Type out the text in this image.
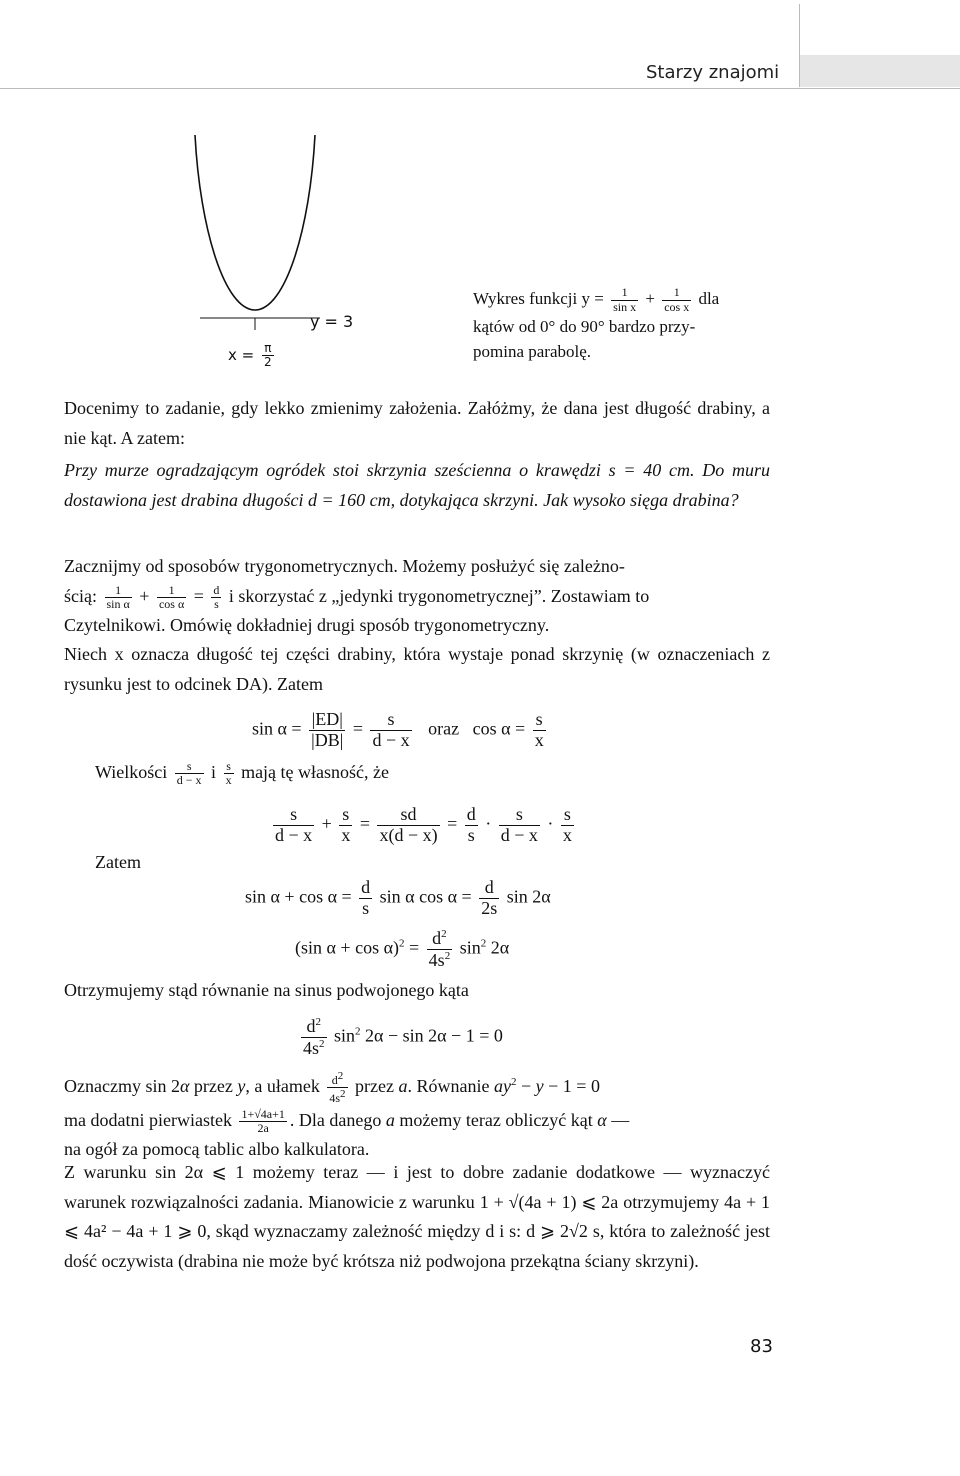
Starzy znajomi
y = 3
$x = \frac{\pi}{2}$
Wykres funkcji $y = \frac{1}{\text{sin x}} + \frac{1}{\text{cos x}}$ dla
kątów od 0° do 90° bardzo przy-
pomina parabolę.
Docenimy to zadanie, gdy lekko zmienimy założenia. Załóżmy, że dana jest długość drabiny, a nie kąt. A zatem:
Przy murze ogradzającym ogródek stoi skrzynia sześcienna o krawędzi s = 40 cm. Do muru dostawiona jest drabina długości d = 160 cm, dotykająca skrzyni. Jak wysoko sięga drabina?
Zacznijmy od sposobów trygonometrycznych. Możemy posłużyć się zależno-
ścią: $\frac{1}{\text{sin α}} + \frac{1}{\text{cos α}} = \frac{d}{s}$ i skorzystać z „jedynki trygonometrycznej”. Zostawiam to
Czytelnikowi. Omówię dokładniej drugi sposób trygonometryczny.
Niech x oznacza długość tej części drabiny, która wystaje ponad skrzynię (w oznaczeniach z rysunku jest to odcinek DA). Zatem
$\sin \alpha = \frac{|ED|}{|DB|} = \frac{s}{d - x}$ oraz $\cos \alpha = \frac{s}{x}$
Wielkości $\frac{s}{d - x}$ i $\frac{s}{x}$ mają tę własność, że
$\frac{s}{d - x} + \frac{s}{x} = \frac{sd}{x(d - x)} = \frac{d}{s} \cdot \frac{s}{d - x} \cdot \frac{s}{x}$
Zatem
$\sin \alpha + \cos \alpha = \frac{d}{s}$ sin α $\cos \alpha = \frac{d}{2s}$ sin 2α
(sin $\alpha + \cos \alpha)^2 = \frac{d^2}{4s^2} \sin^2 2\alpha$
Otrzymujemy stąd równanie na sinus podwojonego kąta
$\frac{d^2}{4s^2} \sin^2 2\alpha - \sin 2\alpha - 1 = 0$
Oznaczmy sin 2α przez y, a ułamek $\frac{d^2}{4s^2}$ przez a. Równanie $ay^2 - y - 1 = 0$
ma dodatni pierwiastek $\frac{1+√4a+1}{2a}$ . Dla danego a możemy teraz obliczyć kąt α —
na ogół za pomocą tablic albo kalkulatora.
Z warunku sin 2α ⩽ 1 możemy teraz — i jest to dobre zadanie dodatkowe — wyznaczyć warunek rozwiązalności zadania. Mianowicie z warunku 1 + √(4a + 1) ⩽ 2a otrzymujemy 4a + 1 ⩽ 4a² − 4a + 1 ⩾ 0, skąd wyznaczamy zależność między d i s: d ⩾ 2√2 s, która to zależność jest dość oczywista (drabina nie może być krótsza niż podwojona przekątna ściany skrzyni).
83
